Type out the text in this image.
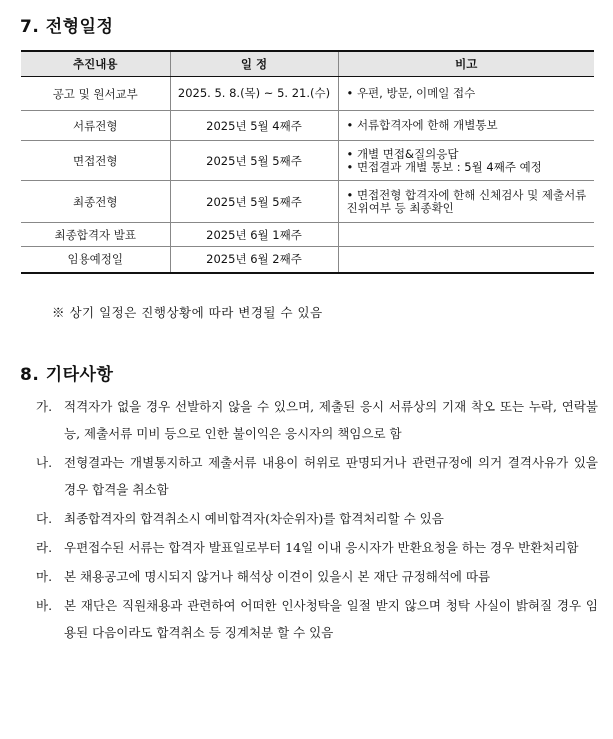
7. 전형일정
추진내용	일 정	비고
공고 및 원서교부	2025. 5. 8.(목) ~ 5. 21.(수)	• 우편, 방문, 이메일 접수

서류전형	2025년 5월 4째주	• 서류합격자에 한해 개별통보

면접전형	2025년 5월 5째주	• 개별 면접&질의응답
• 면접결과 개별 통보 : 5월 4째주 예정

최종전형	2025년 5월 5째주	• 면접전형 합격자에 한해 신체검사 및 제출서류 진위여부 등 최종확인

최종합격자 발표	2025년 6월 1째주	
임용예정일	2025년 6월 2째주	
※ 상기 일정은 진행상황에 따라 변경될 수 있음
8. 기타사항
가. 적격자가 없을 경우 선발하지 않을 수 있으며, 제출된 응시 서류상의 기재 착오 또는 누락, 연락불능, 제출서류 미비 등으로 인한 불이익은 응시자의 책임으로 함
나. 전형결과는 개별통지하고 제출서류 내용이 허위로 판명되거나 관련규정에 의거 결격사유가 있을 경우 합격을 취소함
다. 최종합격자의 합격취소시 예비합격자(차순위자)를 합격처리할 수 있음
라. 우편접수된 서류는 합격자 발표일로부터 14일 이내 응시자가 반환요청을 하는 경우 반환처리함
마. 본 채용공고에 명시되지 않거나 해석상 이견이 있을시 본 재단 규정해석에 따름
바. 본 재단은 직원채용과 관련하여 어떠한 인사청탁을 일절 받지 않으며 청탁 사실이 밝혀질 경우 임용된 다음이라도 합격취소 등 징계처분 할 수 있음
